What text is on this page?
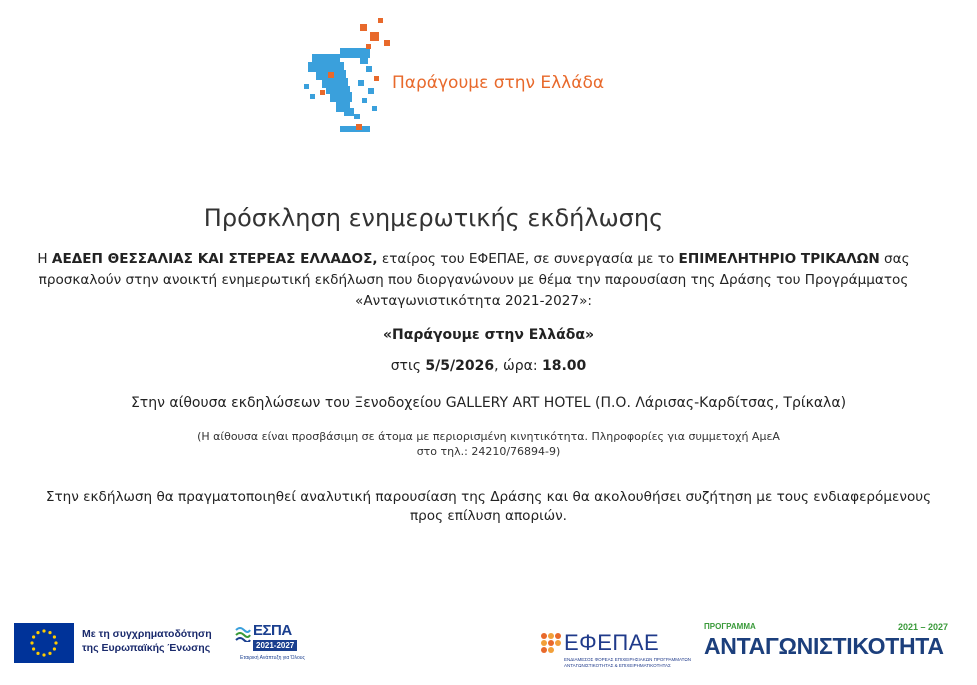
Παράγουμε στην Ελλάδα
Πρόσκληση ενημερωτικής εκδήλωσης
Η ΑΕΔΕΠ ΘΕΣΣΑΛΙΑΣ ΚΑΙ ΣΤΕΡΕΑΣ ΕΛΛΑΔΟΣ, εταίρος του ΕΦΕΠΑΕ, σε συνεργασία με το ΕΠΙΜΕΛΗΤΗΡΙΟ ΤΡΙΚΑΛΩΝ σας προσκαλούν στην ανοικτή ενημερωτική εκδήλωση που διοργανώνουν με θέμα την παρουσίαση της Δράσης του Προγράμματος «Ανταγωνιστικότητα 2021-2027»:
«Παράγουμε στην Ελλάδα»
στις 5/5/2026, ώρα: 18.00
Στην αίθουσα εκδηλώσεων του Ξενοδοχείου GALLERY ART HOTEL (Π.Ο. Λάρισας-Καρδίτσας, Τρίκαλα)
(Η αίθουσα είναι προσβάσιμη σε άτομα με περιορισμένη κινητικότητα. Πληροφορίες για συμμετοχή ΑμεΑ
στο τηλ.: 24210/76894-9)
Στην εκδήλωση θα πραγματοποιηθεί αναλυτική παρουσίαση της Δράσης και θα ακολουθήσει συζήτηση με τους ενδιαφερόμενους προς επίλυση απoριών.
Με τη συγχρηματοδότηση
της Ευρωπαϊκής Ένωσης
ΕΣΠΑ
2021-2027
Εταιρική Ανάπτυξη για Όλους
ΕΦΕΠΑΕ
ΕΝΔΙΑΜΕΣΟΣ ΦΟΡΕΑΣ ΕΠΙΧΕΙΡΗΣΙΑΚΩΝ ΠΡΟΓΡΑΜΜΑΤΩΝ
ΑΝΤΑΓΩΝΙΣΤΙΚΟΤΗΤΑΣ & ΕΠΙΧΕΙΡΗΜΑΤΙΚΟΤΗΤΑΣ
ΠΡΟΓΡΑΜΜΑ	2021 – 2027
ΑΝΤΑΓΩΝΙΣΤΙΚΟΤΗΤΑ
